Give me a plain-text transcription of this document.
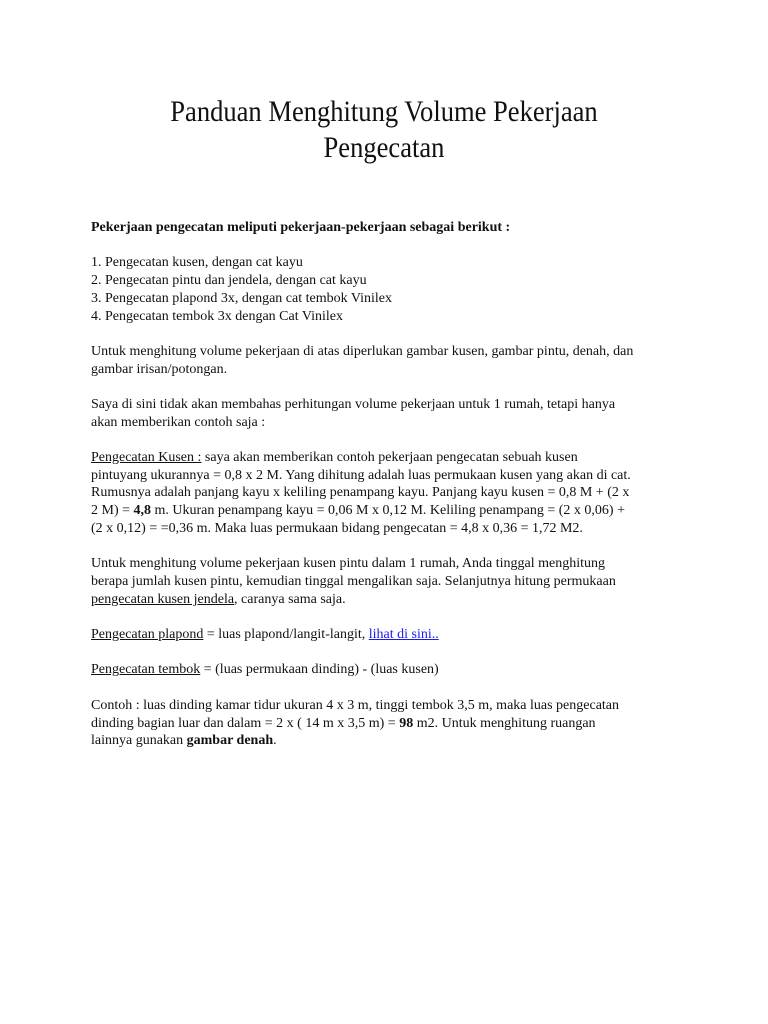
Panduan Menghitung Volume Pekerjaan
Pengecatan

Pekerjaan pengecatan meliputi pekerjaan-pekerjaan sebagai berikut :

1. Pengecatan kusen, dengan cat kayu
2. Pengecatan pintu dan jendela, dengan cat kayu
3. Pengecatan plapond 3x, dengan cat tembok Vinilex
4. Pengecatan tembok 3x dengan Cat Vinilex

Untuk menghitung volume pekerjaan di atas diperlukan gambar kusen, gambar pintu, denah, dan
gambar irisan/potongan.

Saya di sini tidak akan membahas perhitungan volume pekerjaan untuk 1 rumah, tetapi hanya
akan memberikan contoh saja :

Pengecatan Kusen : saya akan memberikan contoh pekerjaan pengecatan sebuah kusen
pintuyang ukurannya = 0,8 x 2 M. Yang dihitung adalah luas permukaan kusen yang akan di cat.
Rumusnya adalah panjang kayu x keliling penampang kayu. Panjang kayu kusen = 0,8 M + (2 x
2 M) = 4,8 m. Ukuran penampang kayu = 0,06 M x 0,12 M. Keliling penampang = (2 x 0,06) +
(2 x 0,12) = =0,36 m. Maka luas permukaan bidang pengecatan = 4,8 x 0,36 = 1,72 M2.

Untuk menghitung volume pekerjaan kusen pintu dalam 1 rumah, Anda tinggal menghitung
berapa jumlah kusen pintu, kemudian tinggal mengalikan saja. Selanjutnya hitung permukaan
pengecatan kusen jendela, caranya sama saja.

Pengecatan plapond = luas plapond/langit-langit, lihat di sini..

Pengecatan tembok = (luas permukaan dinding) - (luas kusen)

Contoh : luas dinding kamar tidur ukuran 4 x 3 m, tinggi tembok 3,5 m, maka luas pengecatan
dinding bagian luar dan dalam = 2 x ( 14 m x 3,5 m) = 98 m2. Untuk menghitung ruangan
lainnya gunakan gambar denah.
